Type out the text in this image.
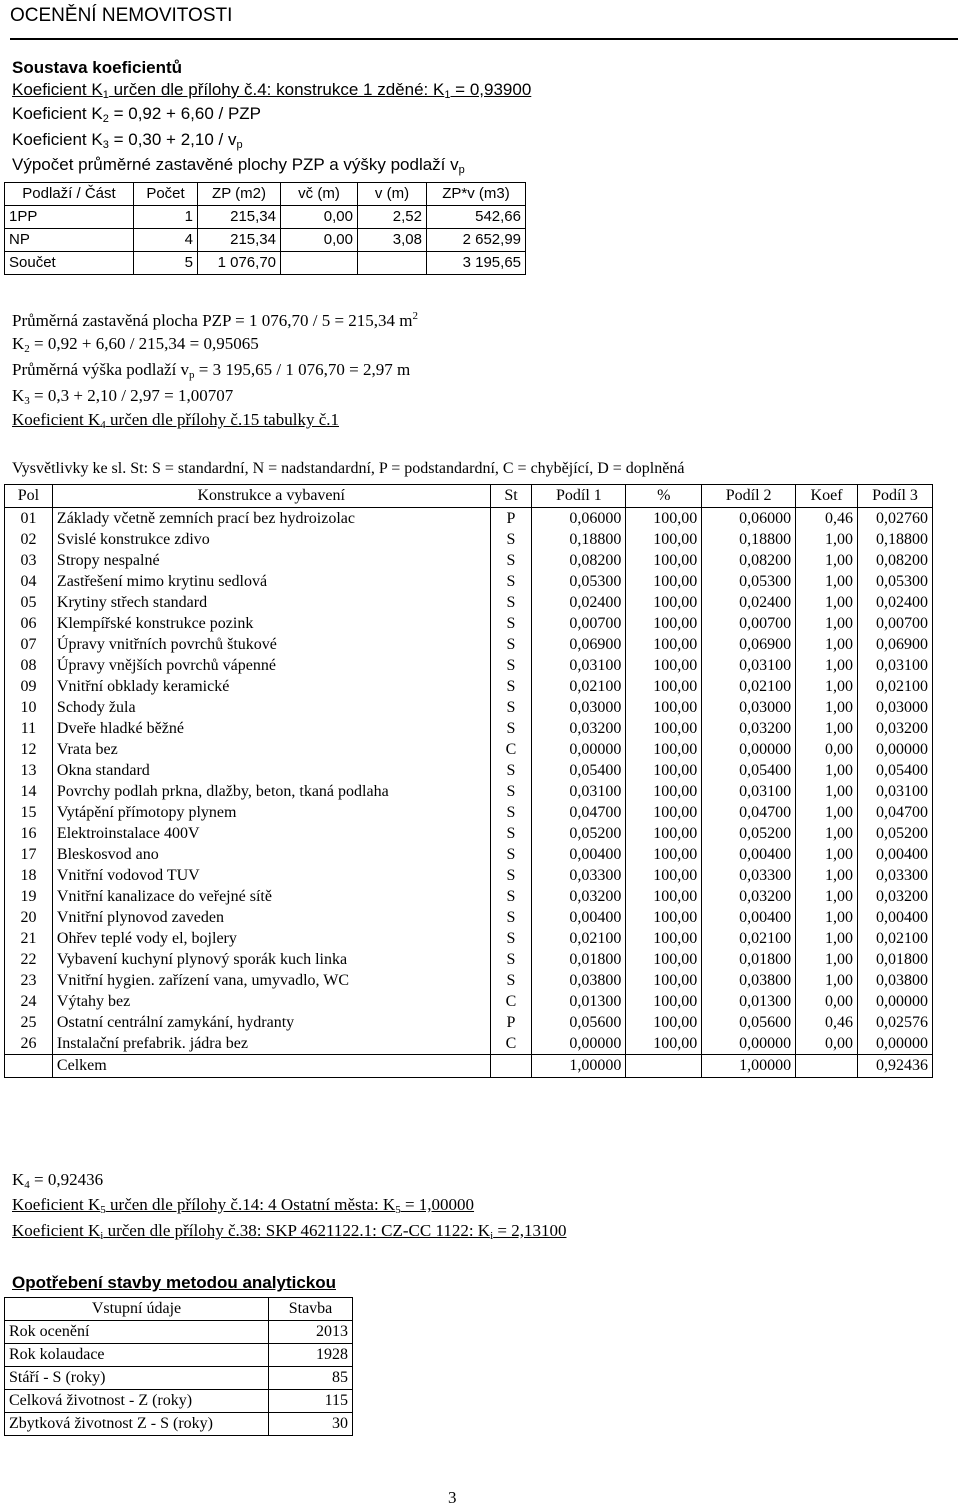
OCENĚNÍ NEMOVITOSTI
Soustava koeficientů
Koeficient $K_1$ určen dle přílohy č.4: konstrukce 1 zděné: $K_1 = 0,93900$
Koeficient $K_2 = 0,92 + 6,60$ / PZP
Koeficient $K_3 = 0,30 + 2,10 / v_p$
Výpočet průměrné zastavěné plochy PZP a výšky podlaží $v_p$
Podlaží / Část	Počet	ZP (m2)	vč (m)	v (m)	ZP*v (m3)
1PP	1	215,34	0,00	2,52	542,66
NP	4	215,34	0,00	3,08	2 652,99
Součet	5	1 076,70			3 195,65
Průměrná zastavěná plocha PZP = 1 076,70 / 5 = 215,34 $m^2$
$K_2 = 0,92 + 6,60 / 215,34 = 0,95065$
Průměrná výška podlaží $v_p = 3$ 195,65 / 1 076,70 = 2,97 m
$K_3 = 0,3 + 2,10 / 2,97 = 1,00707$
Koeficient $K_4$ určen dle přílohy č.15 tabulky č.1
Vysvětlivky ke sl. St: S = standardní, N = nadstandardní, P = podstandardní, C = chybějící, D = doplněná
Pol	Konstrukce a vybavení	St	Podíl 1	%	Podíl 2	Koef	Podíl 3
01	Základy včetně zemních prací bez hydroizolac	P	0,06000	100,00	0,06000	0,46	0,02760
02	Svislé konstrukce zdivo	S	0,18800	100,00	0,18800	1,00	0,18800
03	Stropy nespalné	S	0,08200	100,00	0,08200	1,00	0,08200
04	Zastřešení mimo krytinu sedlová	S	0,05300	100,00	0,05300	1,00	0,05300
05	Krytiny střech standard	S	0,02400	100,00	0,02400	1,00	0,02400
06	Klempířské konstrukce pozink	S	0,00700	100,00	0,00700	1,00	0,00700
07	Úpravy vnitřních povrchů štukové	S	0,06900	100,00	0,06900	1,00	0,06900
08	Úpravy vnějších povrchů vápenné	S	0,03100	100,00	0,03100	1,00	0,03100
09	Vnitřní obklady keramické	S	0,02100	100,00	0,02100	1,00	0,02100
10	Schody žula	S	0,03000	100,00	0,03000	1,00	0,03000
11	Dveře hladké běžné	S	0,03200	100,00	0,03200	1,00	0,03200
12	Vrata bez	C	0,00000	100,00	0,00000	0,00	0,00000
13	Okna standard	S	0,05400	100,00	0,05400	1,00	0,05400
14	Povrchy podlah prkna, dlažby, beton, tkaná podlaha	S	0,03100	100,00	0,03100	1,00	0,03100
15	Vytápění přímotopy plynem	S	0,04700	100,00	0,04700	1,00	0,04700
16	Elektroinstalace 400V	S	0,05200	100,00	0,05200	1,00	0,05200
17	Bleskosvod ano	S	0,00400	100,00	0,00400	1,00	0,00400
18	Vnitřní vodovod TUV	S	0,03300	100,00	0,03300	1,00	0,03300
19	Vnitřní kanalizace do veřejné sítě	S	0,03200	100,00	0,03200	1,00	0,03200
20	Vnitřní plynovod zaveden	S	0,00400	100,00	0,00400	1,00	0,00400
21	Ohřev teplé vody el, bojlery	S	0,02100	100,00	0,02100	1,00	0,02100
22	Vybavení kuchyní plynový sporák kuch linka	S	0,01800	100,00	0,01800	1,00	0,01800
23	Vnitřní hygien. zařízení vana, umyvadlo, WC	S	0,03800	100,00	0,03800	1,00	0,03800
24	Výtahy bez	C	0,01300	100,00	0,01300	0,00	0,00000
25	Ostatní centrální zamykání, hydranty	P	0,05600	100,00	0,05600	0,46	0,02576
26	Instalační prefabrik. jádra bez	C	0,00000	100,00	0,00000	0,00	0,00000
	Celkem		1,00000		1,00000		0,92436
$K_4 = 0,92436$
Koeficient $K_5$ určen dle přílohy č.14: 4 Ostatní města: $K_5 = 1,00000$
Koeficient $K_i$ určen dle přílohy č.38: SKP 4621122.1: CZ-CC 1122: $K_i = 2,13100$
Opotřebení stavby metodou analytickou
Vstupní údaje	Stavba
Rok ocenění	2013
Rok kolaudace	1928
Stáří - S (roky)	85
Celková životnost - Z (roky)	115
Zbytková životnost Z - S (roky)	30
3
